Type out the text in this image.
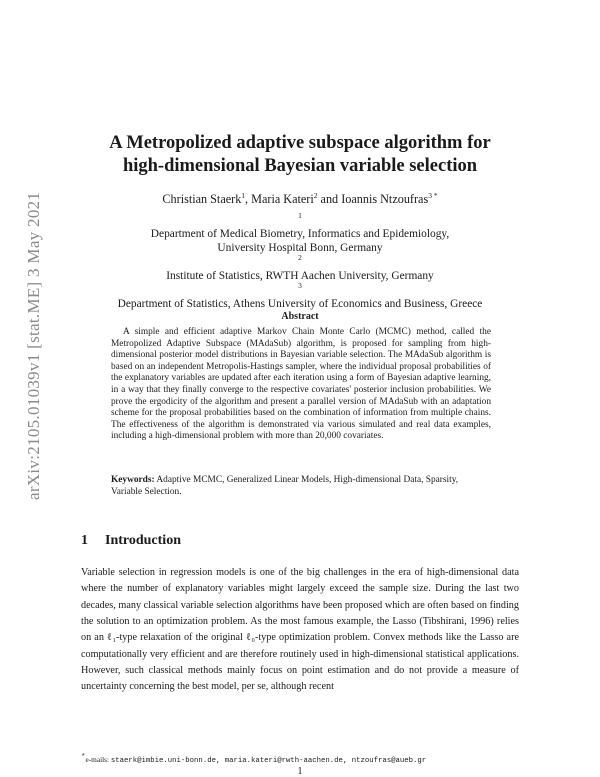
arXiv:2105.01039v1 [stat.ME] 3 May 2021
A Metropolized adaptive subspace algorithm for
high-dimensional Bayesian variable selection
Christian Staerk$^1$, Maria Kateri$^2$ and Ioannis Ntzoufras$^{3 *}$
$^1$
Department of Medical Biometry, Informatics and Epidemiology,
University Hospital Bonn, Germany
$^2$
Institute of Statistics, RWTH Aachen University, Germany
$^3$
Department of Statistics, Athens University of Economics and Business, Greece
Abstract

A simple and efficient adaptive Markov Chain Monte Carlo (MCMC) method, called the Metropolized Adaptive Subspace (MAdaSub) algorithm, is proposed for sampling from high-dimensional posterior model distributions in Bayesian variable selection. The MAdaSub algorithm is based on an independent Metropolis-Hastings sampler, where the individual proposal probabilities of the explanatory variables are updated after each iteration using a form of Bayesian adaptive learning, in a way that they finally converge to the respective covariates' posterior inclusion probabilities. We prove the ergodicity of the algorithm and present a parallel version of MAdaSub with an adaptation scheme for the proposal probabilities based on the combination of information from multiple chains. The effectiveness of the algorithm is demonstrated via various simulated and real data examples, including a high-dimensional problem with more than 20,000 covariates.

Keywords: Adaptive MCMC, Generalized Linear Models, High-dimensional Data, Sparsity, Variable Selection.
1 Introduction

Variable selection in regression models is one of the big challenges in the era of high-dimensional data where the number of explanatory variables might largely exceed the sample size. During the last two decades, many classical variable selection algorithms have been proposed which are often based on finding the solution to an optimization problem. As the most famous example, the Lasso (Tibshirani, 1996) relies on an ℓ₁-type relaxation of the original ℓ₀-type optimization problem. Convex methods like the Lasso are computationally very efficient and are therefore routinely used in high-dimensional statistical applications. However, such classical methods mainly focus on point estimation and do not provide a measure of uncertainty concerning the best model, per se, although recent

*e-mails: staerk@imbie.uni-bonn.de, maria.kateri@rwth-aachen.de, ntzoufras@aueb.gr
1
